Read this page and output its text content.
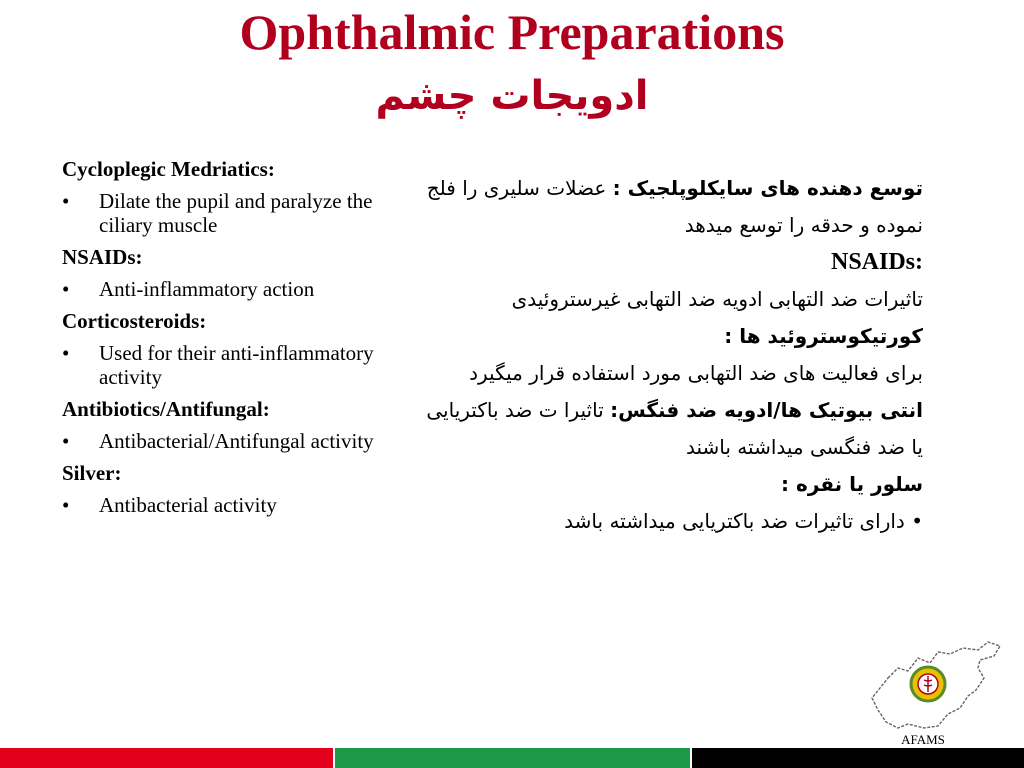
Ophthalmic Preparations
ادویجات چشم
Cycloplegic Medriatics:
• Dilate the pupil and paralyze the ciliary muscle
NSAIDs:
• Anti-inflammatory action
Corticosteroids:
• Used for their anti-inflammatory activity
Antibiotics/Antifungal:
• Antibacterial/Antifungal activity
Silver:
• Antibacterial activity

توسع دهنده های سایکلوپلجیک : عضلات سلیری را فلج نموده و حدقه را توسع میدهد

NSAIDs:

تاثیرات ضد التهابی ادویه ضد التهابی غیرستروئیدی

کورتیکوستروئید ها :

برای فعالیت های ضد التهابی مورد استفاده قرار میگیرد

انتی بیوتیک ها/ادویه ضد فنگس: تاثیرا ت ضد باکتریایی یا ضد فنگسی میداشته باشند

سلور یا نقره :

• دارای تاثیرات ضد باکتریایی میداشته باشد

AFAMS
